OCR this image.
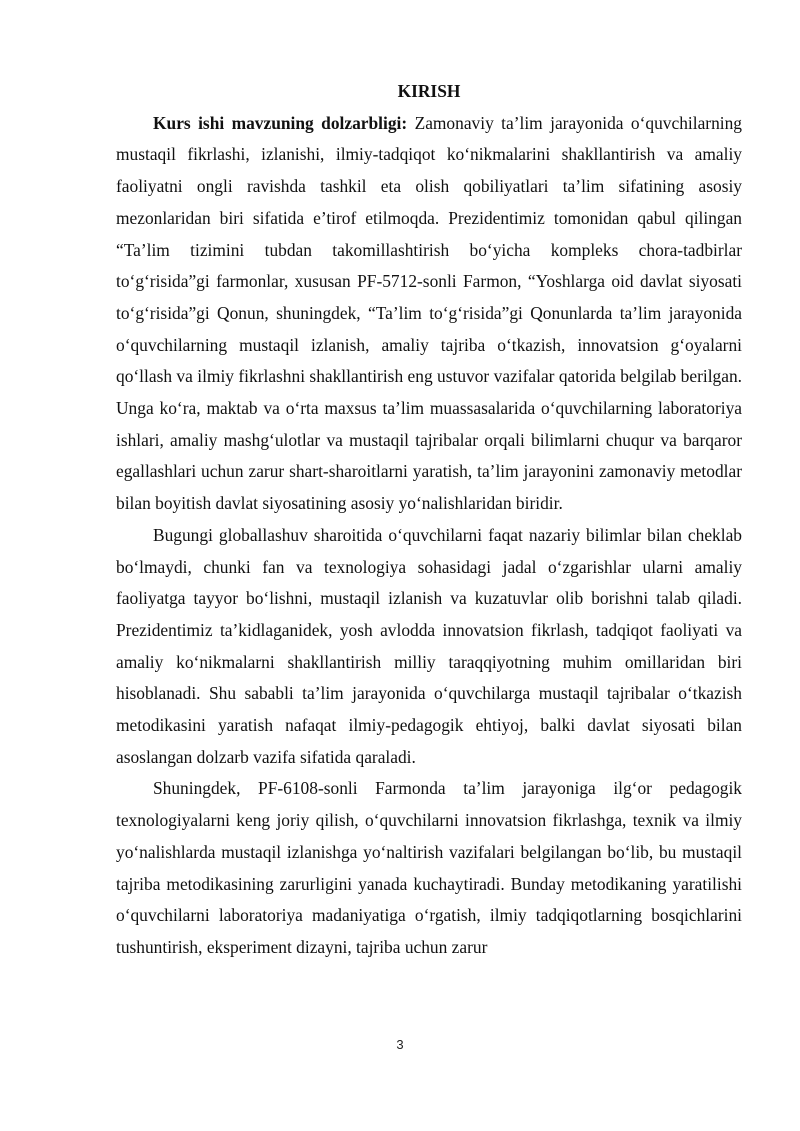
KIRISH

Kurs ishi mavzuning dolzarbligi: Zamonaviy ta’lim jarayonida o‘quvchilarning mustaqil fikrlashi, izlanishi, ilmiy-tadqiqot ko‘nikmalarini shakllantirish va amaliy faoliyatni ongli ravishda tashkil eta olish qobiliyatlari ta’lim sifatining asosiy mezonlaridan biri sifatida e’tirof etilmoqda. Prezidentimiz tomonidan qabul qilingan “Ta’lim tizimini tubdan takomillashtirish bo‘yicha kompleks chora-tadbirlar to‘g‘risida”gi farmonlar, xususan PF-5712-sonli Farmon, “Yoshlarga oid davlat siyosati to‘g‘risida”gi Qonun, shuningdek, “Ta’lim to‘g‘risida”gi Qonunlarda ta’lim jarayonida o‘quvchilarning mustaqil izlanish, amaliy tajriba o‘tkazish, innovatsion g‘oyalarni qo‘llash va ilmiy fikrlashni shakllantirish eng ustuvor vazifalar qatorida belgilab berilgan. Unga ko‘ra, maktab va o‘rta maxsus ta’lim muassasalarida o‘quvchilarning laboratoriya ishlari, amaliy mashg‘ulotlar va mustaqil tajribalar orqali bilimlarni chuqur va barqaror egallashlari uchun zarur shart-sharoitlarni yaratish, ta’lim jarayonini zamonaviy metodlar bilan boyitish davlat siyosatining asosiy yo‘nalishlaridan biridir.

Bugungi globallashuv sharoitida o‘quvchilarni faqat nazariy bilimlar bilan cheklab bo‘lmaydi, chunki fan va texnologiya sohasidagi jadal o‘zgarishlar ularni amaliy faoliyatga tayyor bo‘lishni, mustaqil izlanish va kuzatuvlar olib borishni talab qiladi. Prezidentimiz ta’kidlaganidek, yosh avlodda innovatsion fikrlash, tadqiqot faoliyati va amaliy ko‘nikmalarni shakllantirish milliy taraqqiyotning muhim omillaridan biri hisoblanadi. Shu sababli ta’lim jarayonida o‘quvchilarga mustaqil tajribalar o‘tkazish metodikasini yaratish nafaqat ilmiy-pedagogik ehtiyoj, balki davlat siyosati bilan asoslangan dolzarb vazifa sifatida qaraladi.

Shuningdek, PF-6108-sonli Farmonda ta’lim jarayoniga ilg‘or pedagogik texnologiyalarni keng joriy qilish, o‘quvchilarni innovatsion fikrlashga, texnik va ilmiy yo‘nalishlarda mustaqil izlanishga yo‘naltirish vazifalari belgilangan bo‘lib, bu mustaqil tajriba metodikasining zarurligini yanada kuchaytiradi. Bunday metodikaning yaratilishi o‘quvchilarni laboratoriya madaniyatiga o‘rgatish, ilmiy tadqiqotlarning bosqichlarini tushuntirish, eksperiment dizayni, tajriba uchun zarur

3
